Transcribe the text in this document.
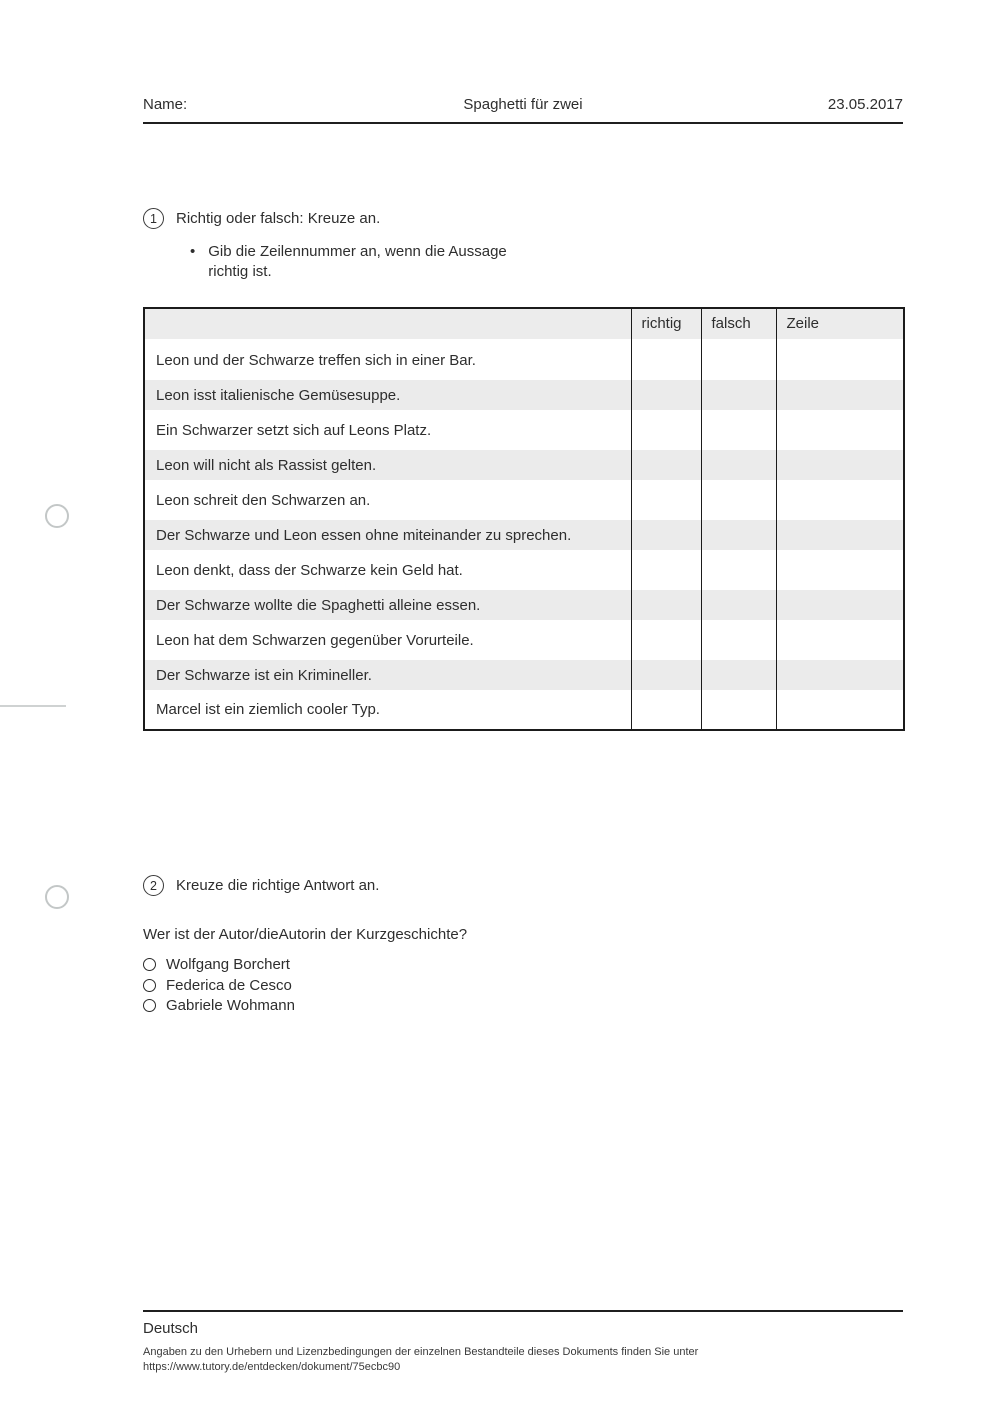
Name:	Spaghetti für zwei	23.05.2017
1	Richtig oder falsch: Kreuze an.
• Gib die Zeilennummer an, wenn die Aussage richtig ist.
	richtig	falsch	Zeile
Leon und der Schwarze treffen sich in einer Bar.			
Leon isst italienische Gemüsesuppe.			
Ein Schwarzer setzt sich auf Leons Platz.			
Leon will nicht als Rassist gelten.			
Leon schreit den Schwarzen an.			
Der Schwarze und Leon essen ohne miteinander zu sprechen.			
Leon denkt, dass der Schwarze kein Geld hat.			
Der Schwarze wollte die Spaghetti alleine essen.			
Leon hat dem Schwarzen gegenüber Vorurteile.			
Der Schwarze ist ein Krimineller.			
Marcel ist ein ziemlich cooler Typ.			
2	Kreuze die richtige Antwort an.
Wer ist der Autor/dieAutorin der Kurzgeschichte?
Wolfgang Borchert
Federica de Cesco
Gabriele Wohmann
Deutsch
Angaben zu den Urhebern und Lizenzbedingungen der einzelnen Bestandteile dieses Dokuments finden Sie unter
https://www.tutory.de/entdecken/dokument/75ecbc90
